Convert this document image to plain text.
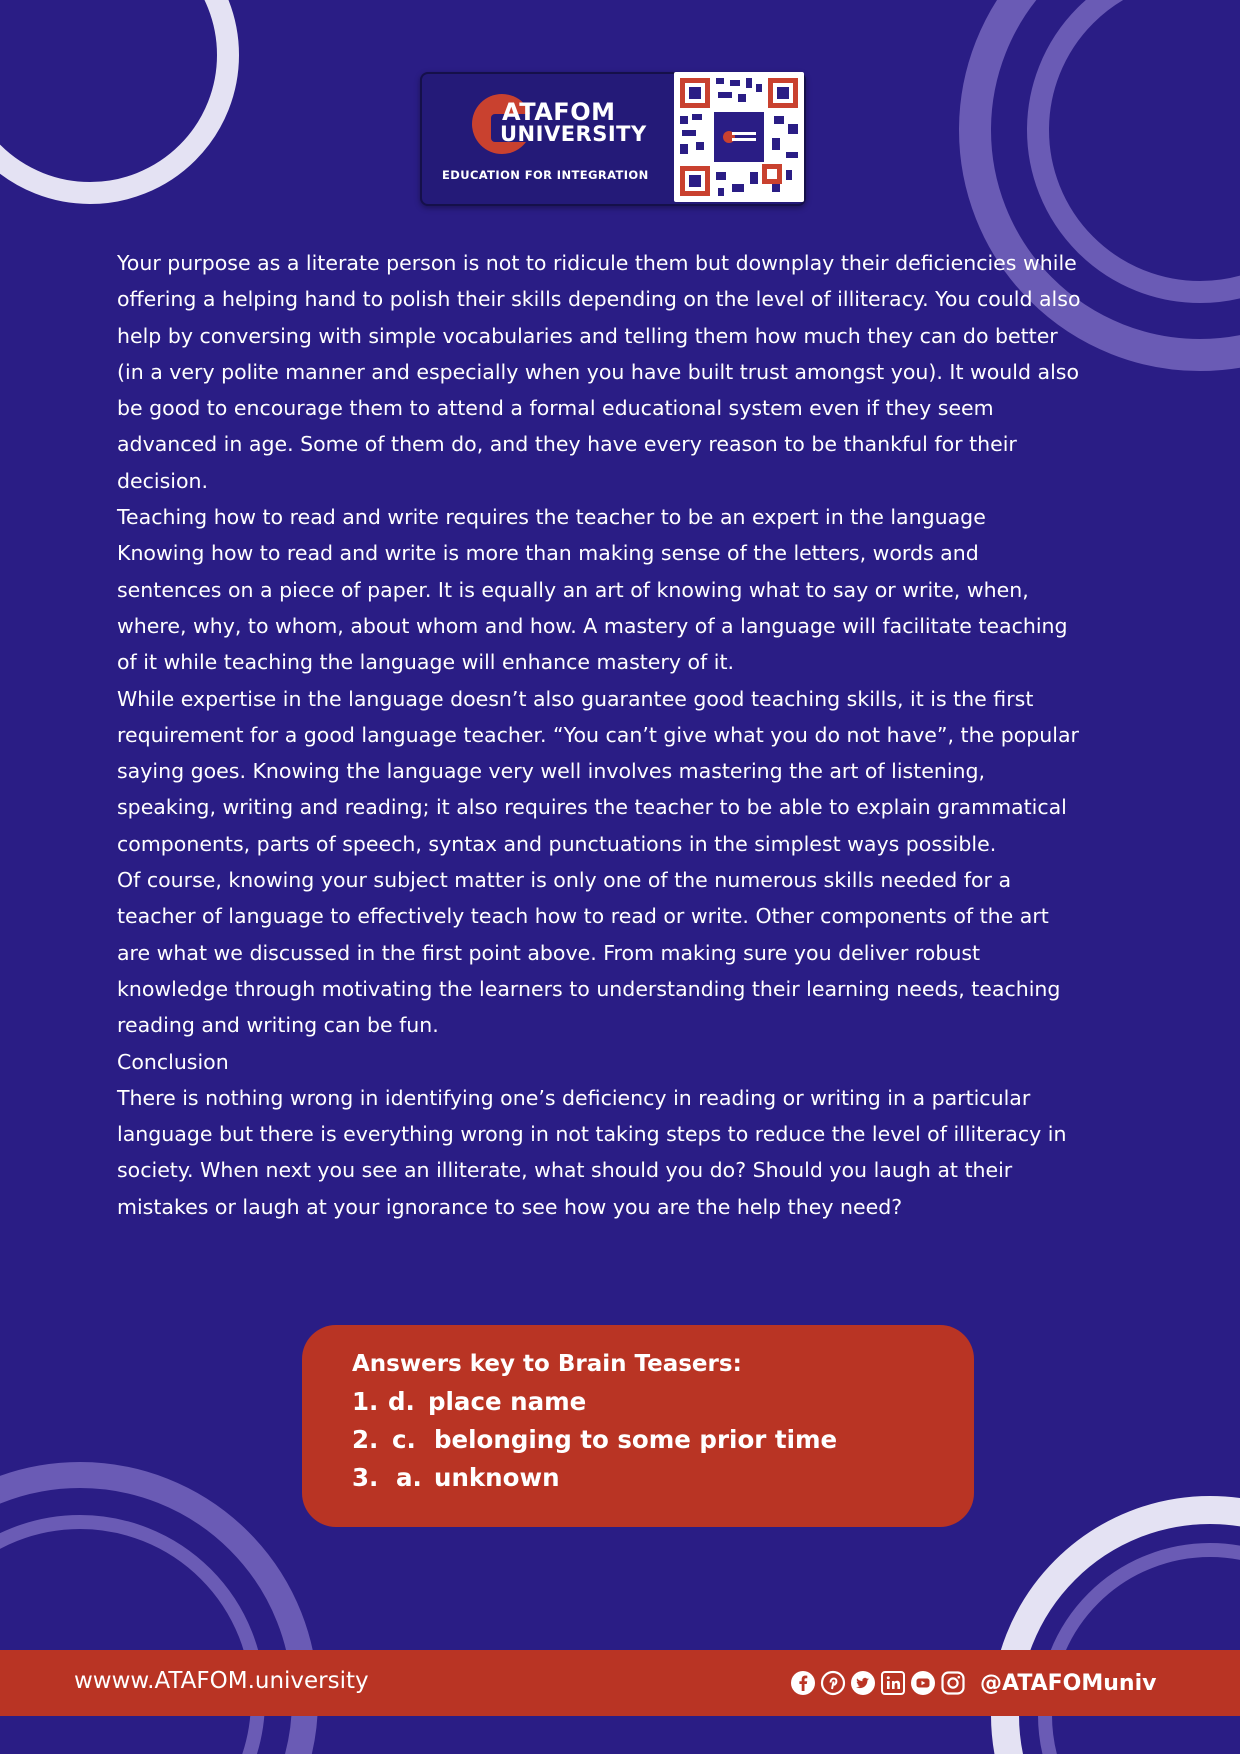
ATAFOM
UNIVERSITY
EDUCATION FOR INTEGRATION

Your purpose as a literate person is not to ridicule them but downplay their deficiencies while offering a helping hand to polish their skills depending on the level of illiteracy. You could also help by conversing with simple vocabularies and telling them how much they can do better (in a very polite manner and especially when you have built trust amongst you). It would also be good to encourage them to attend a formal educational system even if they seem advanced in age. Some of them do, and they have every reason to be thankful for their decision.

Teaching how to read and write requires the teacher to be an expert in the language

Knowing how to read and write is more than making sense of the letters, words and sentences on a piece of paper. It is equally an art of knowing what to say or write, when, where, why, to whom, about whom and how. A mastery of a language will facilitate teaching of it while teaching the language will enhance mastery of it.

While expertise in the language doesn’t also guarantee good teaching skills, it is the first requirement for a good language teacher. “You can’t give what you do not have”, the popular saying goes. Knowing the language very well involves mastering the art of listening, speaking, writing and reading; it also requires the teacher to be able to explain grammatical components, parts of speech, syntax and punctuations in the simplest ways possible.

Of course, knowing your subject matter is only one of the numerous skills needed for a teacher of language to effectively teach how to read or write. Other components of the art are what we discussed in the first point above. From making sure you deliver robust knowledge through motivating the learners to understanding their learning needs, teaching reading and writing can be fun.

Conclusion

There is nothing wrong in identifying one’s deficiency in reading or writing in a particular language but there is everything wrong in not taking steps to reduce the level of illiteracy in society. When next you see an illiterate, what should you do? Should you laugh at their mistakes or laugh at your ignorance to see how you are the help they need?

Answers key to Brain Teasers:
1. d. place name
2. c. belonging to some prior time
3. a. unknown
wwww.ATAFOM.university	@ATAFOMuniv
